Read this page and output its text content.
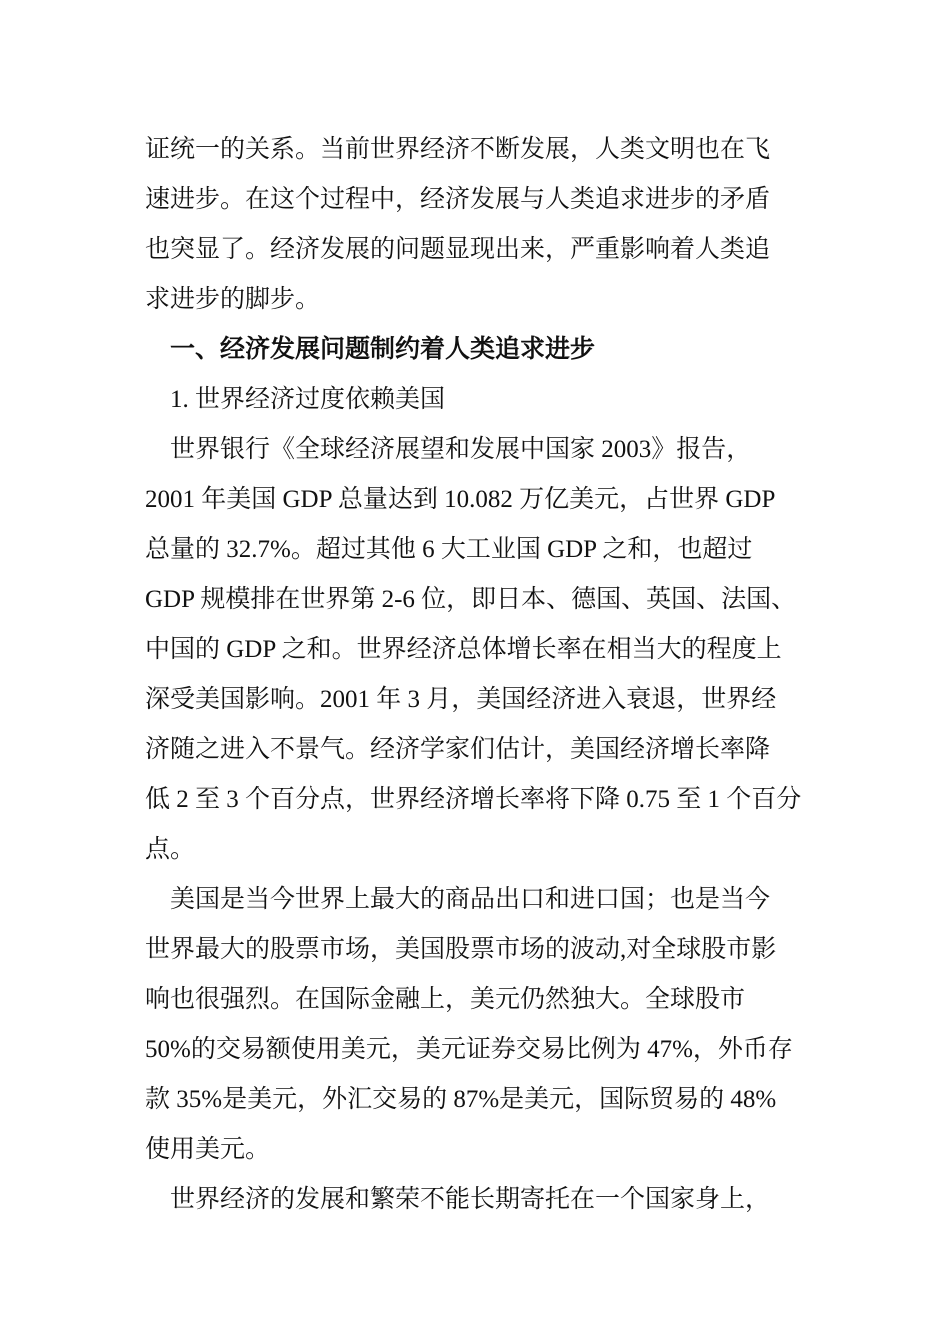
证统一的关系。当前世界经济不断发展，人类文明也在飞
速进步。在这个过程中，经济发展与人类追求进步的矛盾
也突显了。经济发展的问题显现出来，严重影响着人类追
求进步的脚步。
一、经济发展问题制约着人类追求进步
1. 世界经济过度依赖美国
世界银行《全球经济展望和发展中国家 2003》报告，
2001 年美国 GDP 总量达到 10.082 万亿美元，占世界 GDP
总量的 32.7%。超过其他 6 大工业国 GDP 之和，也超过
GDP 规模排在世界第 2-6 位，即日本、德国、英国、法国、
中国的 GDP 之和。世界经济总体增长率在相当大的程度上
深受美国影响。2001 年 3 月，美国经济进入衰退，世界经
济随之进入不景气。经济学家们估计，美国经济增长率降
低 2 至 3 个百分点，世界经济增长率将下降 0.75 至 1 个百分
点。
美国是当今世界上最大的商品出口和进口国；也是当今
世界最大的股票市场，美国股票市场的波动,对全球股市影
响也很强烈。在国际金融上，美元仍然独大。全球股市
50%的交易额使用美元，美元证券交易比例为 47%，外币存
款 35%是美元，外汇交易的 87%是美元，国际贸易的 48%
使用美元。
世界经济的发展和繁荣不能长期寄托在一个国家身上，
